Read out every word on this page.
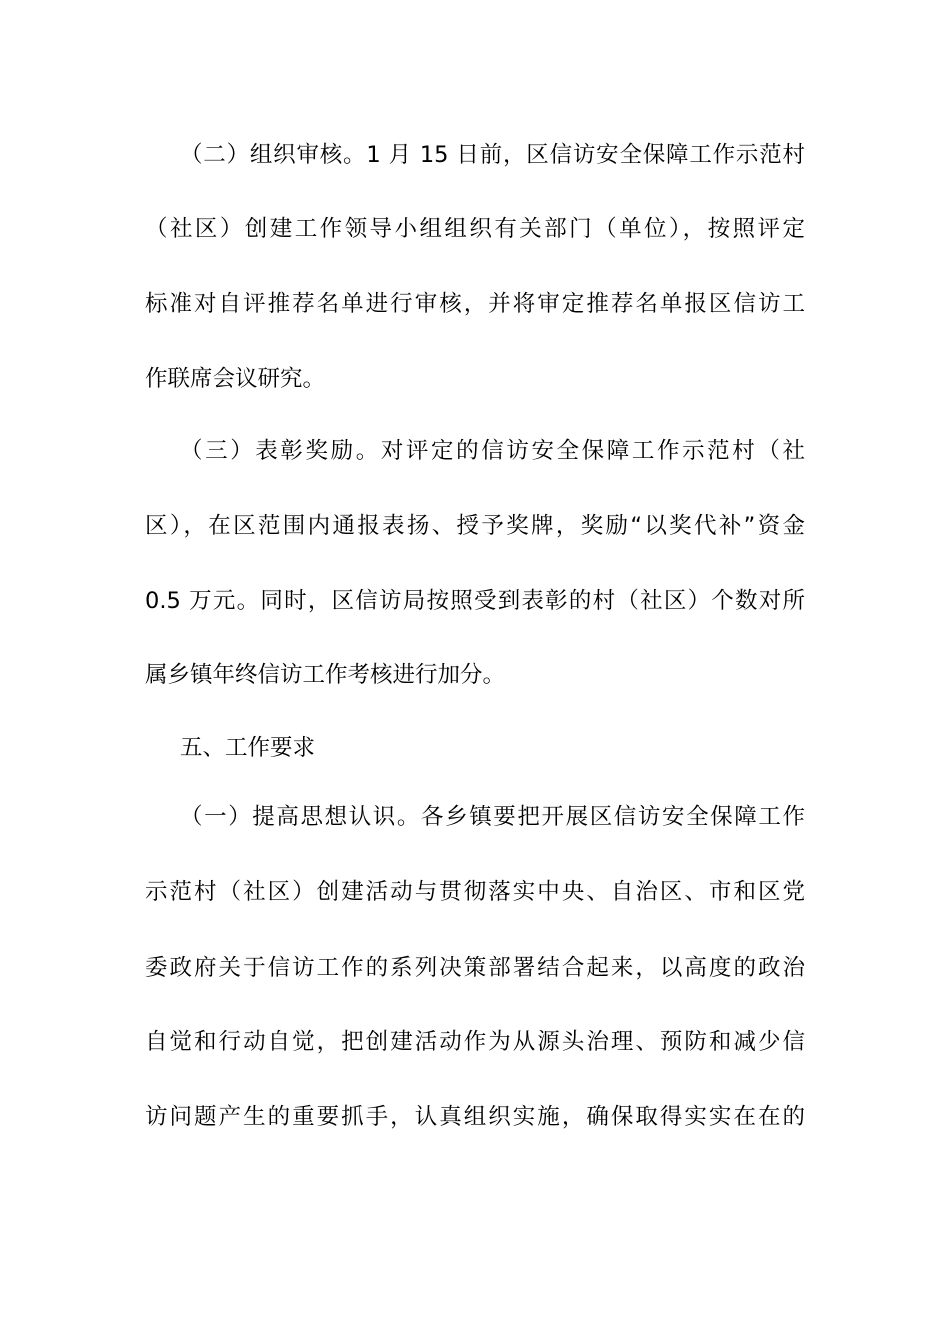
（二）组织审核。1 月 15 日前，区信访安全保障工作示范村
（社区）创建工作领导小组组织有关部门（单位），按照评定
标准对自评推荐名单进行审核，并将审定推荐名单报区信访工
作联席会议研究。
（三）表彰奖励。对评定的信访安全保障工作示范村（社
区），在区范围内通报表扬、授予奖牌，奖励“以奖代补”资金
0.5 万元。同时，区信访局按照受到表彰的村（社区）个数对所
属乡镇年终信访工作考核进行加分。
五、工作要求
（一）提高思想认识。各乡镇要把开展区信访安全保障工作
示范村（社区）创建活动与贯彻落实中央、自治区、市和区党
委政府关于信访工作的系列决策部署结合起来，以高度的政治
自觉和行动自觉，把创建活动作为从源头治理、预防和减少信
访问题产生的重要抓手，认真组织实施，确保取得实实在在的
